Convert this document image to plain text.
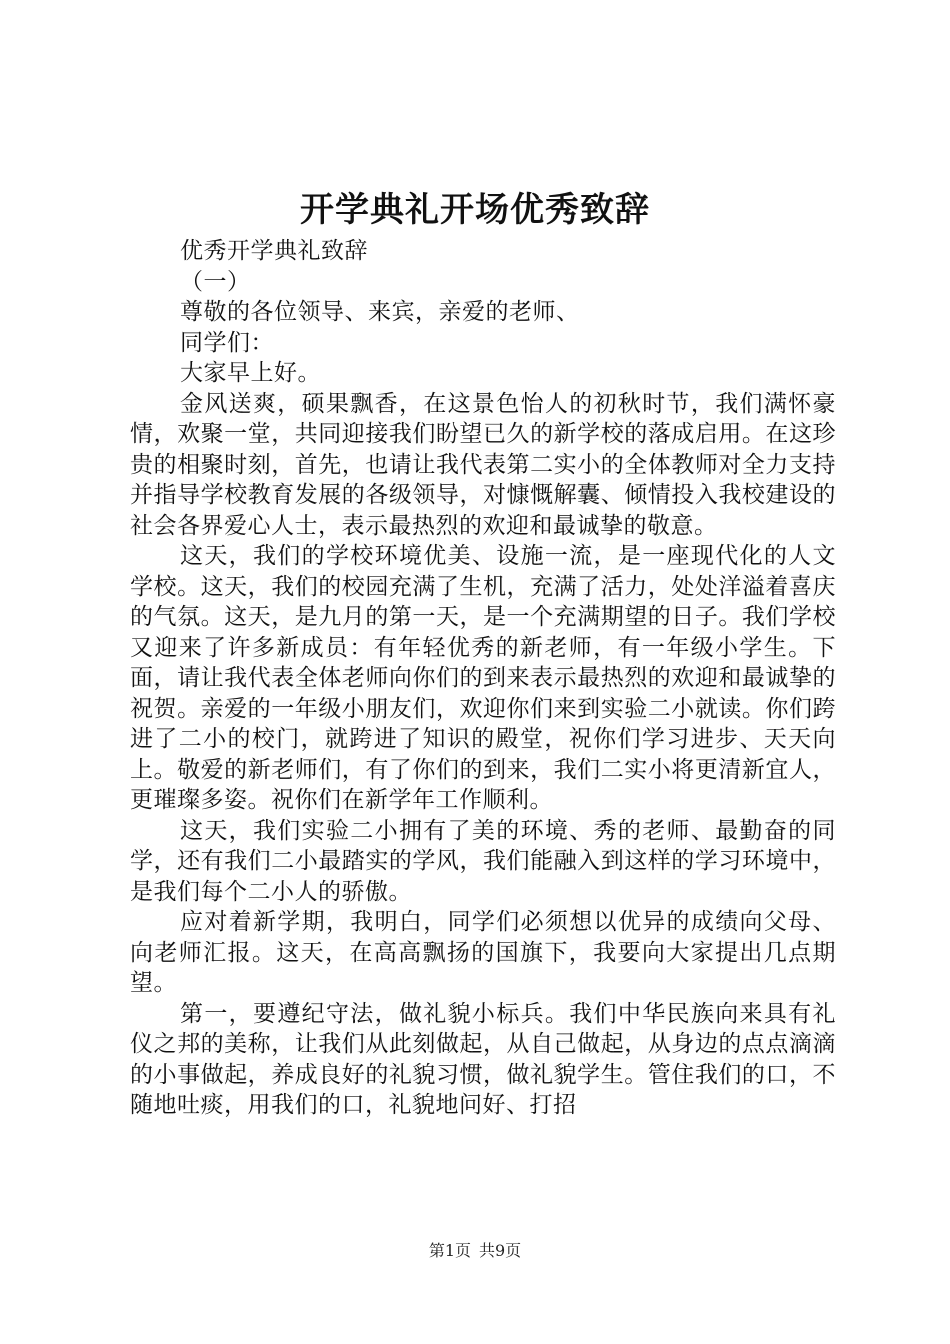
开学典礼开场优秀致辞

优秀开学典礼致辞

（一）

尊敬的各位领导、来宾，亲爱的老师、

同学们：

大家早上好。

金风送爽，硕果飘香，在这景色怡人的初秋时节，我们满怀豪情，欢聚一堂，共同迎接我们盼望已久的新学校的落成启用。在这珍贵的相聚时刻，首先，也请让我代表第二实小的全体教师对全力支持并指导学校教育发展的各级领导，对慷慨解囊、倾情投入我校建设的社会各界爱心人士，表示最热烈的欢迎和最诚挚的敬意。

这天，我们的学校环境优美、设施一流，是一座现代化的人文学校。这天，我们的校园充满了生机，充满了活力，处处洋溢着喜庆的气氛。这天，是九月的第一天，是一个充满期望的日子。我们学校又迎来了许多新成员：有年轻优秀的新老师，有一年级小学生。下面，请让我代表全体老师向你们的到来表示最热烈的欢迎和最诚挚的祝贺。亲爱的一年级小朋友们，欢迎你们来到实验二小就读。你们跨进了二小的校门，就跨进了知识的殿堂，祝你们学习进步、天天向上。敬爱的新老师们，有了你们的到来，我们二实小将更清新宜人，更璀璨多姿。祝你们在新学年工作顺利。

这天，我们实验二小拥有了美的环境、秀的老师、最勤奋的同学，还有我们二小最踏实的学风，我们能融入到这样的学习环境中，是我们每个二小人的骄傲。

应对着新学期，我明白，同学们必须想以优异的成绩向父母、向老师汇报。这天，在高高飘扬的国旗下，我要向大家提出几点期望。

第一，要遵纪守法，做礼貌小标兵。我们中华民族向来具有礼仪之邦的美称，让我们从此刻做起，从自己做起，从身边的点点滴滴的小事做起，养成良好的礼貌习惯，做礼貌学生。管住我们的口，不随地吐痰，用我们的口，礼貌地问好、打招

第1页 共9页
